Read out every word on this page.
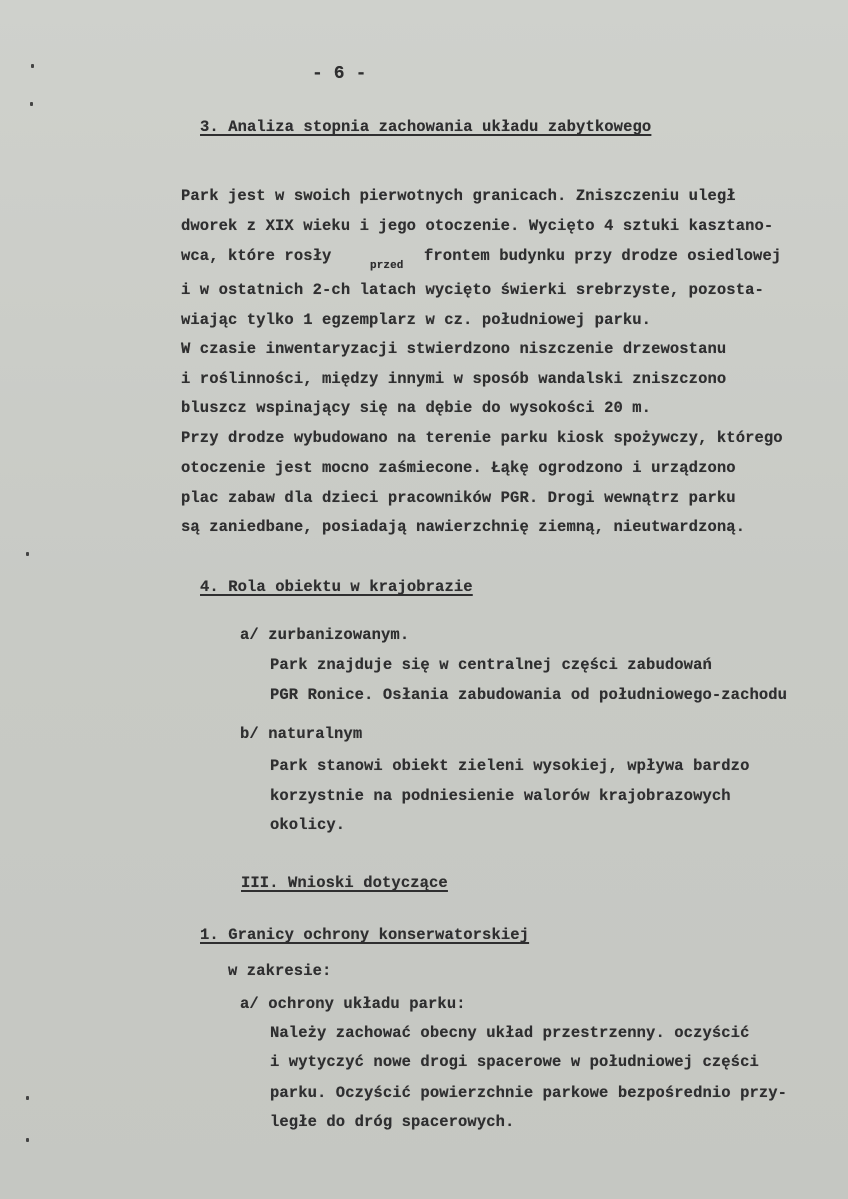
- 6 -
3. Analiza stopnia zachowania układu zabytkowego
Park jest w swoich pierwotnych granicach. Zniszczeniu uległ
dworek z XIX wieku i jego otoczenie. Wycięto 4 sztuki kasztano-
wca, które rosły
przed
frontem budynku przy drodze osiedlowej
i w ostatnich 2-ch latach wycięto świerki srebrzyste, pozosta-
wiając tylko 1 egzemplarz w cz. południowej parku.
W czasie inwentaryzacji stwierdzono niszczenie drzewostanu
i roślinności, między innymi w sposób wandalski zniszczono
bluszcz wspinający się na dębie do wysokości 20 m.
Przy drodze wybudowano na terenie parku kiosk spożywczy, którego
otoczenie jest mocno zaśmiecone. Łąkę ogrodzono i urządzono
plac zabaw dla dzieci pracowników PGR. Drogi wewnątrz parku
są zaniedbane, posiadają nawierzchnię ziemną, nieutwardzoną.
4. Rola obiektu w krajobrazie
a/ zurbanizowanym.
Park znajduje się w centralnej części zabudowań
PGR Ronice. Osłania zabudowania od południowego-zachodu
b/ naturalnym
Park stanowi obiekt zieleni wysokiej, wpływa bardzo
korzystnie na podniesienie walorów krajobrazowych
okolicy.
III. Wnioski dotyczące
1. Granicy ochrony konserwatorskiej
w zakresie:
a/ ochrony układu parku:
Należy zachować obecny układ przestrzenny. oczyścić
i wytyczyć nowe drogi spacerowe w południowej części
parku. Oczyścić powierzchnie parkowe bezpośrednio przy-
ległe do dróg spacerowych.
